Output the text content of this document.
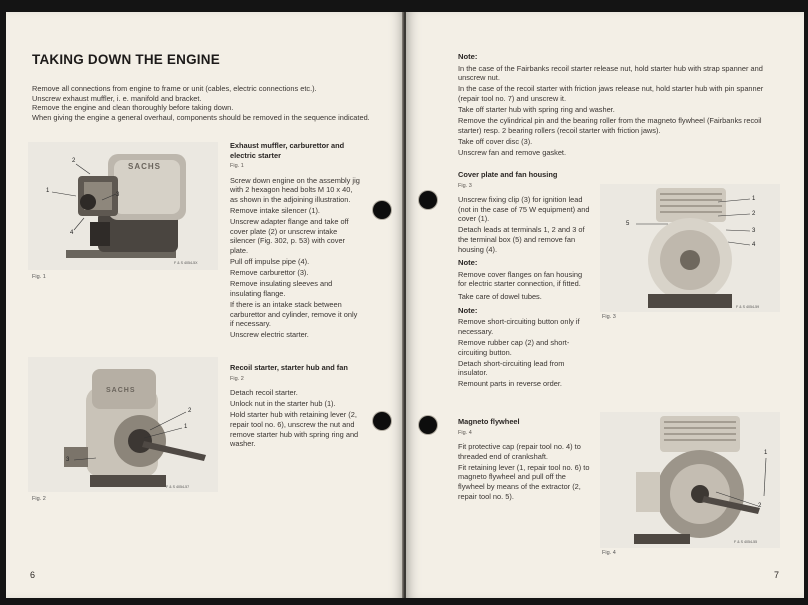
TAKING DOWN THE ENGINE
Remove all connections from engine to frame or unit (cables, electric connections etc.).
Unscrew exhaust muffler, i. e. manifold and bracket.
Remove the engine and clean thoroughly before taking down.
When giving the engine a general overhaul, components should be removed in the sequence indicated.
SACHS
2
1
3
4
F & S 4054-5X
Fig. 1

Exhaust muffler, carburettor and electric starter

Fig. 1

Screw down engine on the assembly jig with 2 hexagon head bolts M 10 x 40, as shown in the adjoining illustration.

Remove intake silencer (1).

Unscrew adapter flange and take off cover plate (2) or unscrew intake silencer (Fig. 302, p. 53) with cover plate.

Pull off impulse pipe (4).

Remove carburettor (3).

Remove insulating sleeves and insulating flange.

If there is an intake stack between carburettor and cylinder, remove it only if necessary.

Unscrew electric starter.

SACHS
2
1
3
F & S 4054-57
Fig. 2

Recoil starter, starter hub and fan

Fig. 2

Detach recoil starter.

Unlock nut in the starter hub (1).

Hold starter hub with retaining lever (2, repair tool no. 6), unscrew the nut and remove starter hub with spring ring and washer.

6
Note:

In the case of the Fairbanks recoil starter release nut, hold starter hub with strap spanner and unscrew nut.

In the case of the recoil starter with friction jaws release nut, hold starter hub with pin spanner (repair tool no. 7) and unscrew it.

Take off starter hub with spring ring and washer.

Remove the cylindrical pin and the bearing roller from the magneto flywheel (Fairbanks recoil starter) resp. 2 bearing rollers (recoil starter with friction jaws).

Take off cover disc (3).

Unscrew fan and remove gasket.

Cover plate and fan housing

Fig. 3

Unscrew fixing clip (3) for ignition lead (not in the case of 75 W equipment) and cover (1).

Detach leads at terminals 1, 2 and 3 of the terminal box (5) and remove fan housing (4).

Note:

Remove cover flanges on fan housing for electric starter connection, if fitted.

Take care of dowel tubes.

Note:

Remove short-circuiting button only if necessary.

Remove rubber cap (2) and short-circuiting button.

Detach short-circuiting lead from insulator.

Remount parts in reverse order.

1
2
3
4
5
F & S 4054-59
Fig. 3

Magneto flywheel

Fig. 4

Fit protective cap (repair tool no. 4) to threaded end of crankshaft.

Fit retaining lever (1, repair tool no. 6) to magneto flywheel and pull off the flywheel by means of the extractor (2, repair tool no. 5).

1
2
F & S 4054-55
Fig. 4
7
